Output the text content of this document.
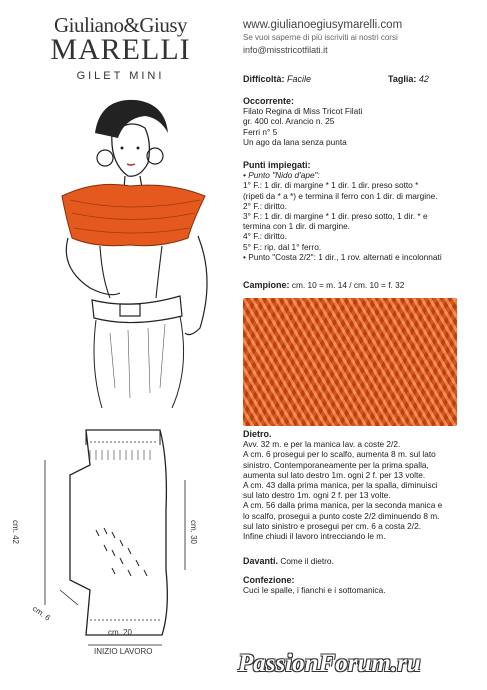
Giuliano&Giusy
MARELLI
GILET MINI
www.giulianoegiusymarelli.com
Se vuoi saperne di più iscriviti ai nostri corsi
info@misstricotfilati.it
cm. 42	cm. 30
cm. 20
cm. 6
INIZIO LAVORO
Difficoltà: Facile	Taglia: 42
Occorrente:
Filato Regina di Miss Tricot Filati
gr. 400 col. Arancio n. 25
Ferri n° 5
Un ago da lana senza punta
Punti impiegati:
• Punto "Nido d'ape":
1° F.: 1 dir. di margine * 1 dir. 1 dir. preso sotto *
(ripeti da * a *) e termina il ferro con 1 dir. di margine.
2° F.: diritto.
3° F.: 1 dir. di margine * 1 dir. preso sotto, 1 dir. * e
termina con 1 dir. di margine.
4° F.: diritto.
5° F.: rip. dal 1° ferro.
• Punto "Costa 2/2": 1 dir., 1 rov. alternati e incolonnati
Campione: cm. 10 = m. 14 / cm. 10 = f. 32
Dietro.
Avv. 32 m. e per la manica lav. a coste 2/2.
A cm. 6 prosegui per lo scalfo, aumenta 8 m. sul lato
sinistro. Contemporaneamente per la prima spalla,
aumenta sul lato destro 1m. ogni 2 f. per 13 volte.
A cm. 43 dalla prima manica, per la spalla, diminuisci
sul lato destro 1m. ogni 2 f. per 13 volte.
A cm. 56 dalla prima manica, per la seconda manica e
lo scalfo, prosegui a punto coste 2/2 diminuendo 8 m.
sul lato sinistro e prosegui per cm. 6 a costa 2/2.
Infine chiudi il lavoro intrecciando le m.
Davanti. Come il dietro.
Confezione:
Cuci le spalle, i fianchi e i sottomanica.
PassionForum.ru
